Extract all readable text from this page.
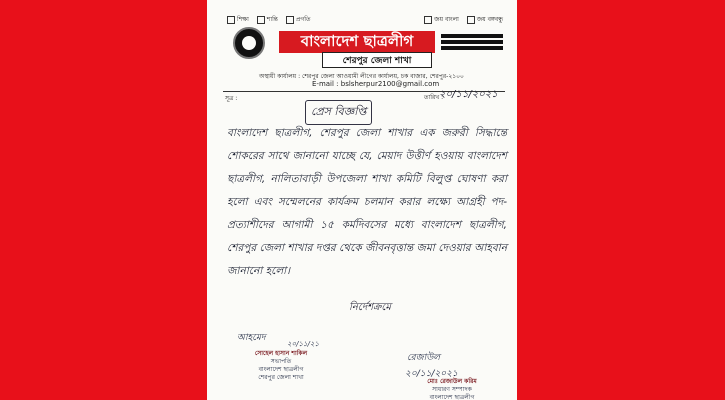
শিক্ষা	শান্তি	প্রগতি	জয় বাংলা	জয় বঙ্গবন্ধু
বাংলাদেশ ছাত্রলীগ
শেরপুর জেলা শাখা
অস্থায়ী কার্যালয় : শেরপুর জেলা আওয়ামী লীগের কার্যালয়, চক বাজার, শেরপুর-২১০০
E-mail : bslsherpur2100@gmail.com
সূত্র :	তারিখ :
২০/১১/২০২১
প্রেস বিজ্ঞপ্তি
বাংলাদেশ ছাত্রলীগ, শেরপুর জেলা শাখার এক জরুরী সিদ্ধান্তে শোকরের সাথে জানানো যাচ্ছে যে, মেয়াদ উত্তীর্ণ হওয়ায় বাংলাদেশ ছাত্রলীগ, নালিতাবাড়ী উপজেলা শাখা কমিটি বিলুপ্ত ঘোষণা করা হলো এবং সম্মেলনের কার্যক্রম চলমান করার লক্ষ্যে আগ্রহী পদ-প্রত্যাশীদের আগামী ১৫ কর্মদিবসের মধ্যে বাংলাদেশ ছাত্রলীগ, শেরপুর জেলা শাখার দপ্তর থেকে জীবনবৃত্তান্ত জমা দেওয়ার আহবান জানানো হলো।
নির্দেশক্রমে
আহমেদ
২০/১১/২১
সোহেল হাসান শাকিল
সভাপতি
বাংলাদেশ ছাত্রলীগ
শেরপুর জেলা শাখা
রেজাউল
২০/১১/২০২১
মোঃ রেজাউল করিম
সাধারণ সম্পাদক
বাংলাদেশ ছাত্রলীগ
